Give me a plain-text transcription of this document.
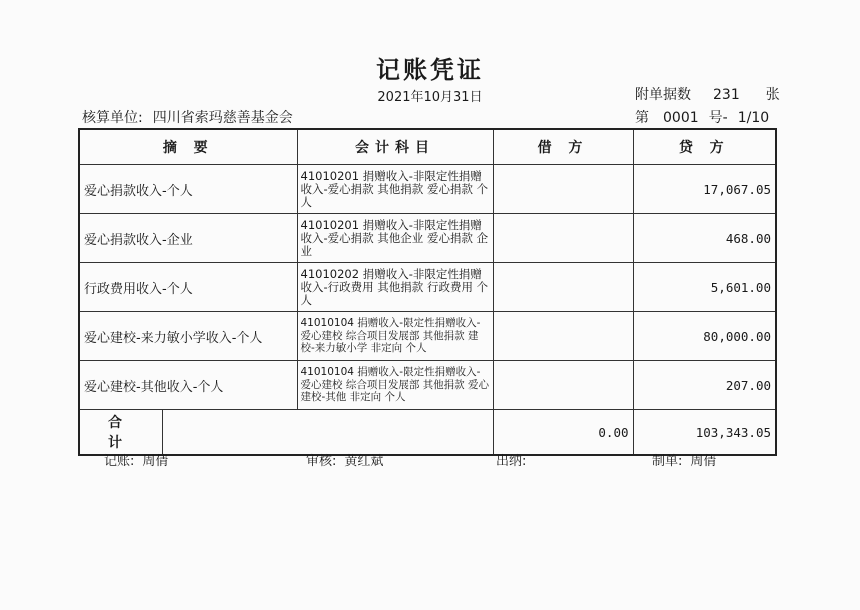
记账凭证
2021年10月31日	附单据数 231 张
核算单位: 四川省索玛慈善基金会	第 0001 号- 1/10
摘 要	会计科目	借 方	贷 方
爱心捐款收入-个人	41010201 捐赠收入-非限定性捐赠收入-爱心捐款 其他捐款 爱心捐款 个人		17,067.05
爱心捐款收入-企业	41010201 捐赠收入-非限定性捐赠收入-爱心捐款 其他企业 爱心捐款 企业		468.00
行政费用收入-个人	41010202 捐赠收入-非限定性捐赠收入-行政费用 其他捐款 行政费用 个人		5,601.00
爱心建校-来力敏小学收入-个人	41010104 捐赠收入-限定性捐赠收入-爱心建校 综合项目发展部 其他捐款 建校-来力敏小学 非定向 个人		80,000.00
爱心建校-其他收入-个人	41010104 捐赠收入-限定性捐赠收入-爱心建校 综合项目发展部 其他捐款 爱心建校-其他 非定向 个人		207.00

合 计		0.00	103,343.05
记账: 周倩	审核: 黄红斌	出纳:	制单: 周倩
